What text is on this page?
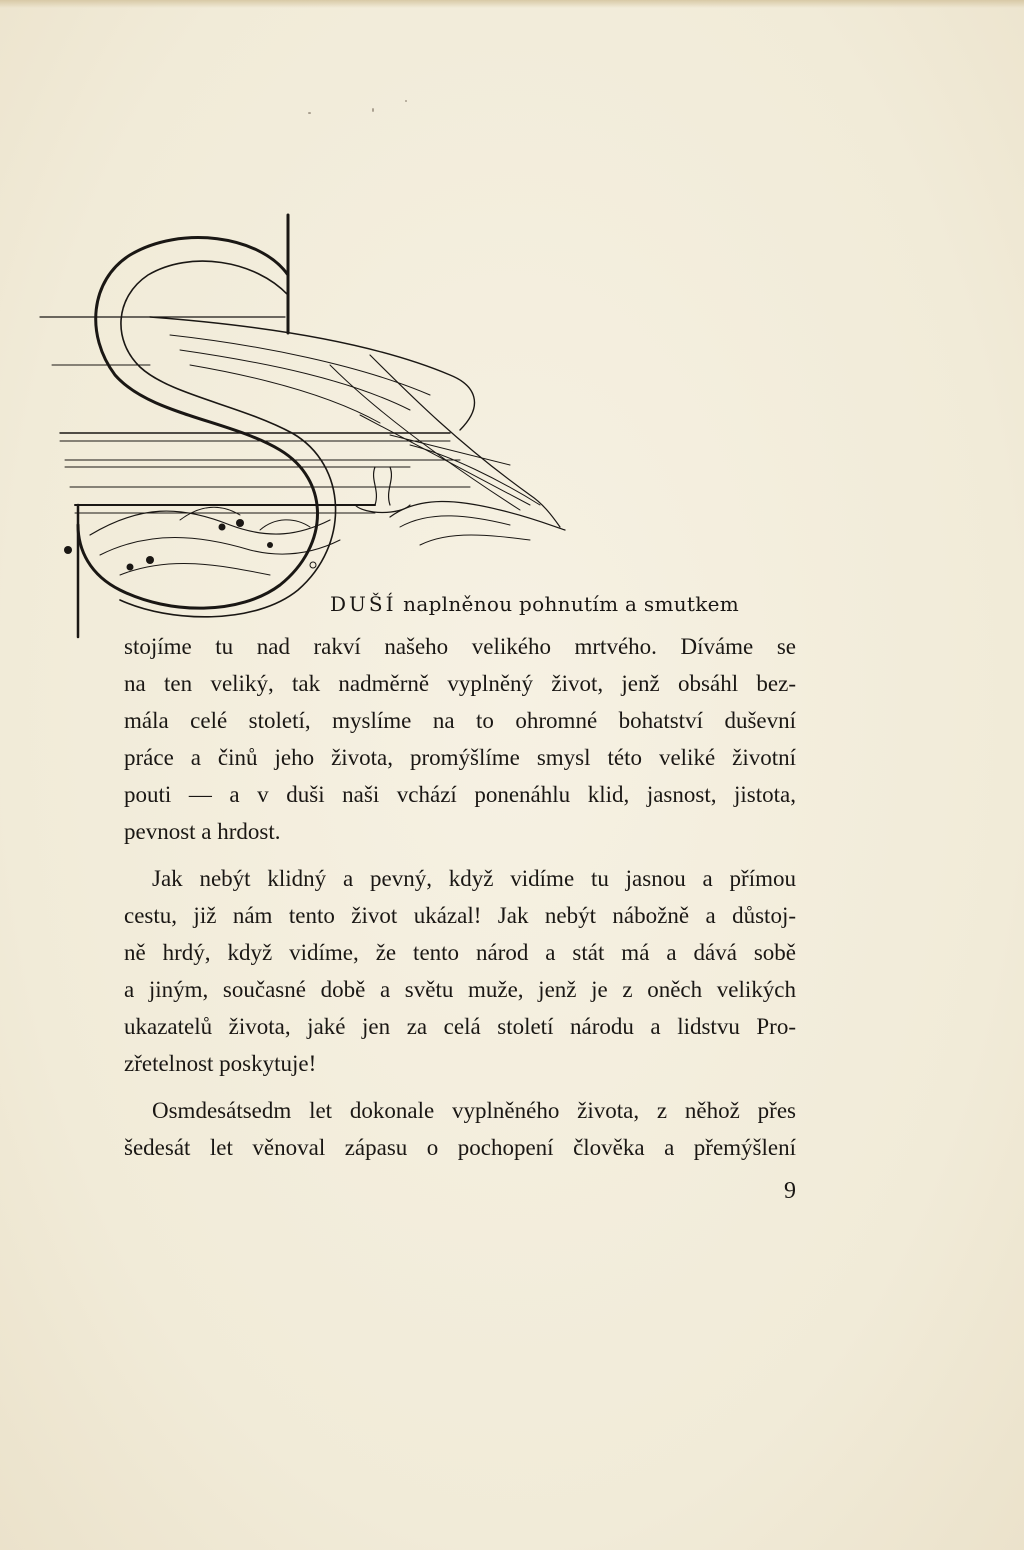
DUŠÍ naplněnou pohnutím a smutkem
stojíme tu nad rakví našeho velikého mrtvého. Díváme se
na ten veliký, tak nadměrně vyplněný život, jenž obsáhl bez-
mála celé století, myslíme na to ohromné bohatství duševní
práce a činů jeho života, promýšlíme smysl této veliké životní
pouti — a v duši naši vchází ponenáhlu klid, jasnost, jistota,
pevnost a hrdost.
Jak nebýt klidný a pevný, když vidíme tu jasnou a přímou
cestu, již nám tento život ukázal! Jak nebýt nábožně a důstoj-
ně hrdý, když vidíme, že tento národ a stát má a dává sobě
a jiným, současné době a světu muže, jenž je z oněch velikých
ukazatelů života, jaké jen za celá století národu a lidstvu Pro-
zřetelnost poskytuje!
Osmdesátsedm let dokonale vyplněného života, z něhož přes
šedesát let věnoval zápasu o pochopení člověka a přemýšlení
9
